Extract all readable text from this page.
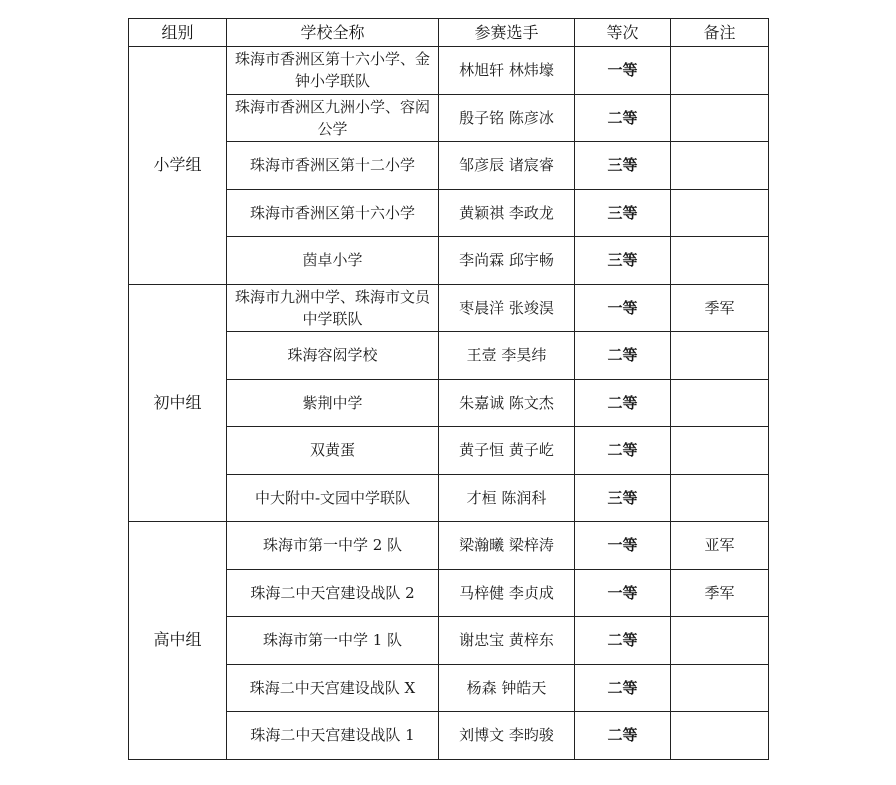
组别	学校全称	参赛选手	等次	备注
小学组	珠海市香洲区第十六小学、金钟小学联队	林旭轩 林炜壕	一等	
	珠海市香洲区九洲小学、容闳公学	殷子铭 陈彦冰	二等	
	珠海市香洲区第十二小学	邹彦辰 诸宸睿	三等	
	珠海市香洲区第十六小学	黄颖祺 李政龙	三等	
	茵卓小学	李尚霖 邱宇畅	三等	
初中组	珠海市九洲中学、珠海市文员中学联队	枣晨洋 张竣淏	一等	季军
	珠海容闳学校	王壹 李昊纬	二等	
	紫荆中学	朱嘉诚 陈文杰	二等	
	双黄蛋	黄子恒 黄子屹	二等	
	中大附中-文园中学联队	才桓 陈润科	三等	
高中组	珠海市第一中学 2 队	梁瀚曦 梁梓涛	一等	亚军
	珠海二中天宫建设战队 2	马梓健 李贞成	一等	季军
	珠海市第一中学 1 队	谢忠宝 黄梓东	二等	
	珠海二中天宫建设战队 X	杨森 钟皓天	二等	
	珠海二中天宫建设战队 1	刘博文 李昀骏	二等	
